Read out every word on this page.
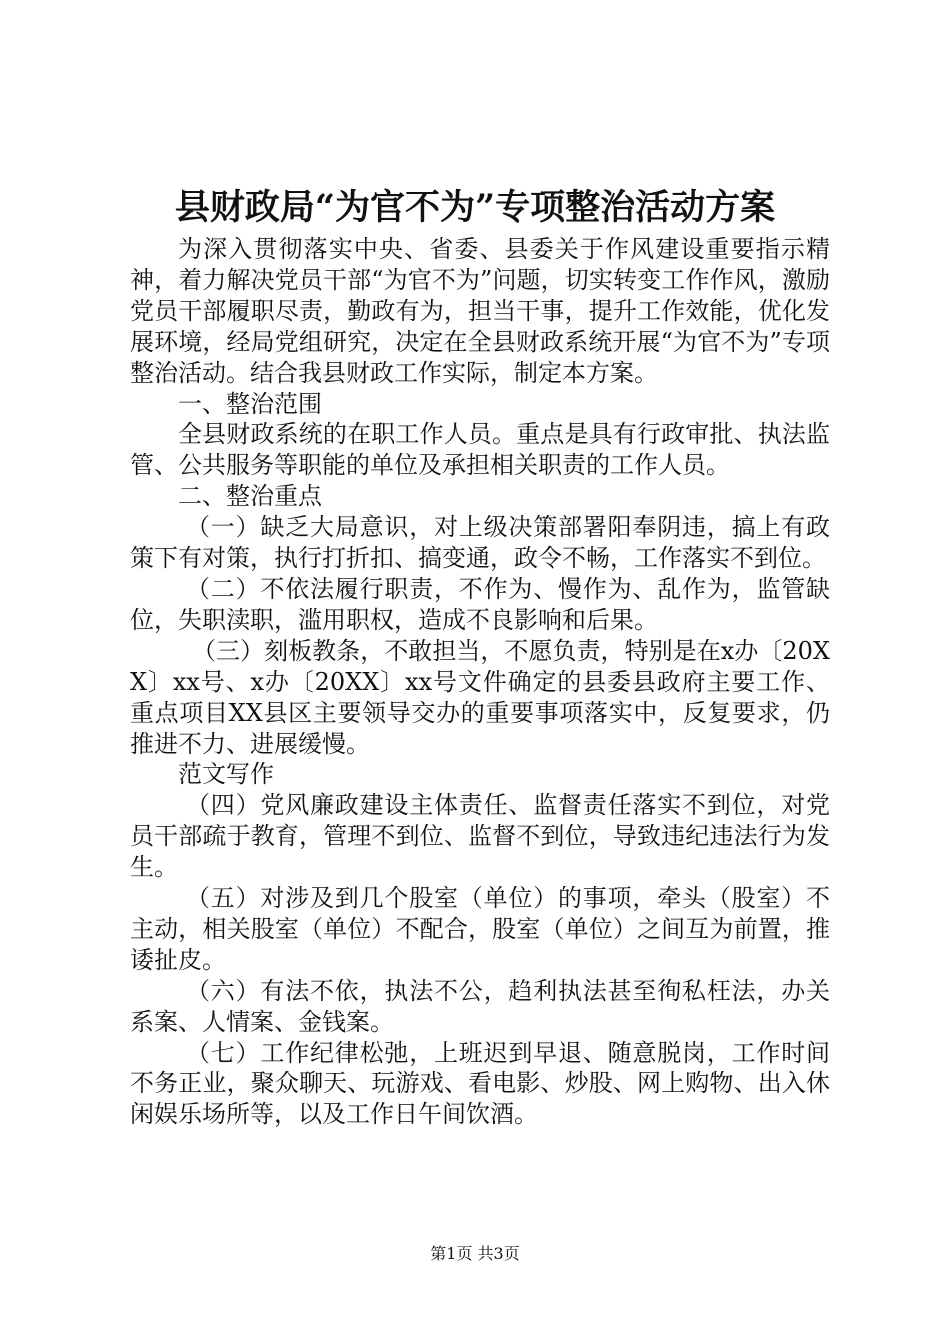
县财政局“为官不为”专项整治活动方案

为深入贯彻落实中央、省委、县委关于作风建设重要指示精神，着力解决党员干部“为官不为”问题，切实转变工作作风，激励党员干部履职尽责，勤政有为，担当干事，提升工作效能，优化发展环境，经局党组研究，决定在全县财政系统开展“为官不为”专项整治活动。结合我县财政工作实际，制定本方案。

一、整治范围

全县财政系统的在职工作人员。重点是具有行政审批、执法监管、公共服务等职能的单位及承担相关职责的工作人员。

二、整治重点

（一）缺乏大局意识，对上级决策部署阳奉阴违，搞上有政策下有对策，执行打折扣、搞变通，政令不畅，工作落实不到位。

（二）不依法履行职责，不作为、慢作为、乱作为，监管缺位，失职渎职，滥用职权，造成不良影响和后果。

（三）刻板教条，不敢担当，不愿负责，特别是在x办〔20XX〕xx号、x办〔20XX〕xx号文件确定的县委县政府主要工作、重点项目XX县区主要领导交办的重要事项落实中，反复要求，仍推进不力、进展缓慢。

范文写作

（四）党风廉政建设主体责任、监督责任落实不到位，对党员干部疏于教育，管理不到位、监督不到位，导致违纪违法行为发生。

（五）对涉及到几个股室（单位）的事项，牵头（股室）不主动，相关股室（单位）不配合，股室（单位）之间互为前置，推诿扯皮。

（六）有法不依，执法不公，趋利执法甚至徇私枉法，办关系案、人情案、金钱案。

（七）工作纪律松弛，上班迟到早退、随意脱岗，工作时间不务正业，聚众聊天、玩游戏、看电影、炒股、网上购物、出入休闲娱乐场所等，以及工作日午间饮酒。

第1页 共3页
